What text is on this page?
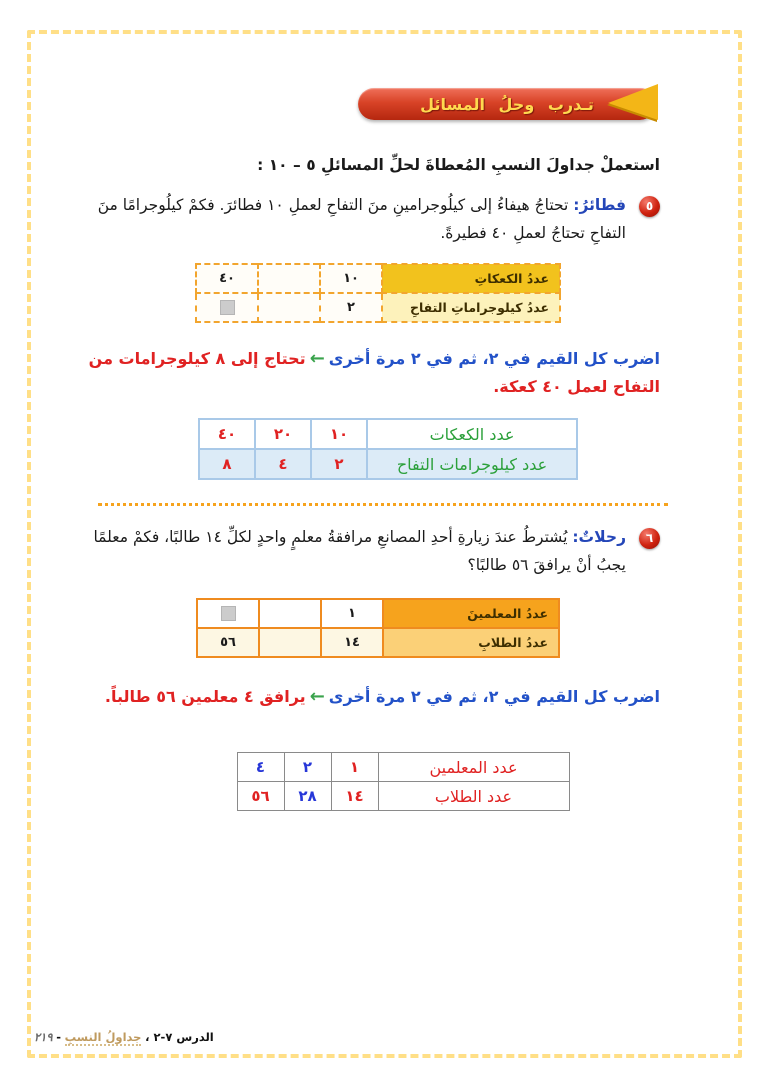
تـدرب وحلُ المسائل
استعملْ جداولَ النسبِ المُعطاةَ لحلِّ المسائلِ ٥ – ١٠ :
٥
فطائرُ: تحتاجُ هيفاءُ إلى كيلُوجرامينِ منَ التفاحِ لعملِ ١٠ فطائرَ. فكمْ كيلُوجرامًا منَ التفاحِ تحتاجُ لعملِ ٤٠ فطيرةً.
عددُ الكعكاتِ	١٠		٤٠
عددُ كيلوجراماتِ التفاحِ	٢		
اضرب كل القيم في ٢، ثم في ٢ مرة أخرى←تحتاج إلى ٨ كيلوجرامات من التفاح لعمل ٤٠ كعكة.
عدد الكعكات	١٠	٢٠	٤٠
عدد كيلوجرامات التفاح	٢	٤	٨
٦
رحلاتٌ: يُشترطُ عندَ زيارةِ أحدِ المصانعِ مرافقةُ معلمٍ واحدٍ لكلِّ ١٤ طالبًا، فكمْ معلمًا يجبُ أنْ يرافقَ ٥٦ طالبًا؟
عددُ المعلمينَ	١		
عددُ الطلابِ	١٤		٥٦
اضرب كل القيم في ٢، ثم في ٢ مرة أخرى←يرافق ٤ معلمين ٥٦ طالباً.
عدد المعلمين	١	٢	٤
عدد الطلاب	١٤	٢٨	٥٦
الدرس ٧-٢ ، جداولُ النسبِ - ٢١٩
